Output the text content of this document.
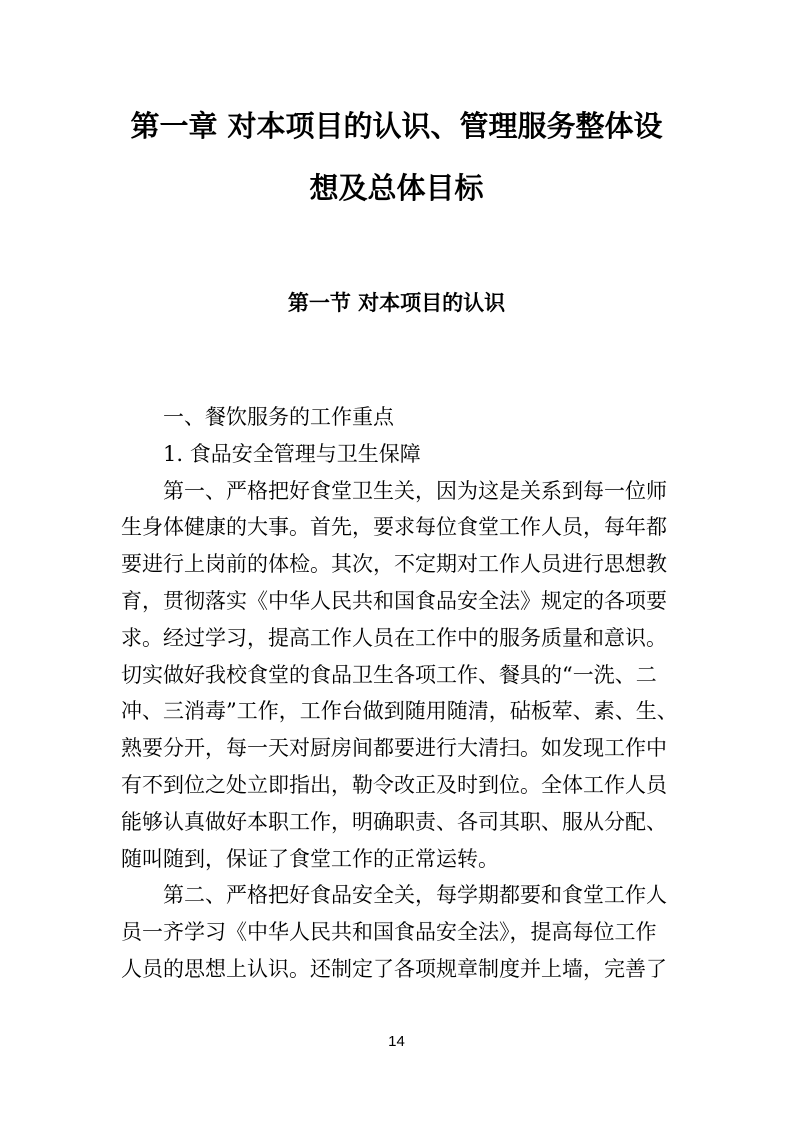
第一章 对本项目的认识、管理服务整体设
想及总体目标
第一节 对本项目的认识

一、餐饮服务的工作重点

1. 食品安全管理与卫生保障

第一、严格把好食堂卫生关，因为这是关系到每一位师

生身体健康的大事。首先，要求每位食堂工作人员，每年都

要进行上岗前的体检。其次，不定期对工作人员进行思想教

育，贯彻落实《中华人民共和国食品安全法》规定的各项要

求。经过学习，提高工作人员在工作中的服务质量和意识。

切实做好我校食堂的食品卫生各项工作、餐具的“一洗、二

冲、三消毒”工作，工作台做到随用随清，砧板荤、素、生、

熟要分开，每一天对厨房间都要进行大清扫。如发现工作中

有不到位之处立即指出，勒令改正及时到位。全体工作人员

能够认真做好本职工作，明确职责、各司其职、服从分配、

随叫随到，保证了食堂工作的正常运转。

第二、严格把好食品安全关，每学期都要和食堂工作人

员一齐学习《中华人民共和国食品安全法》，提高每位工作

人员的思想上认识。还制定了各项规章制度并上墙，完善了

14
